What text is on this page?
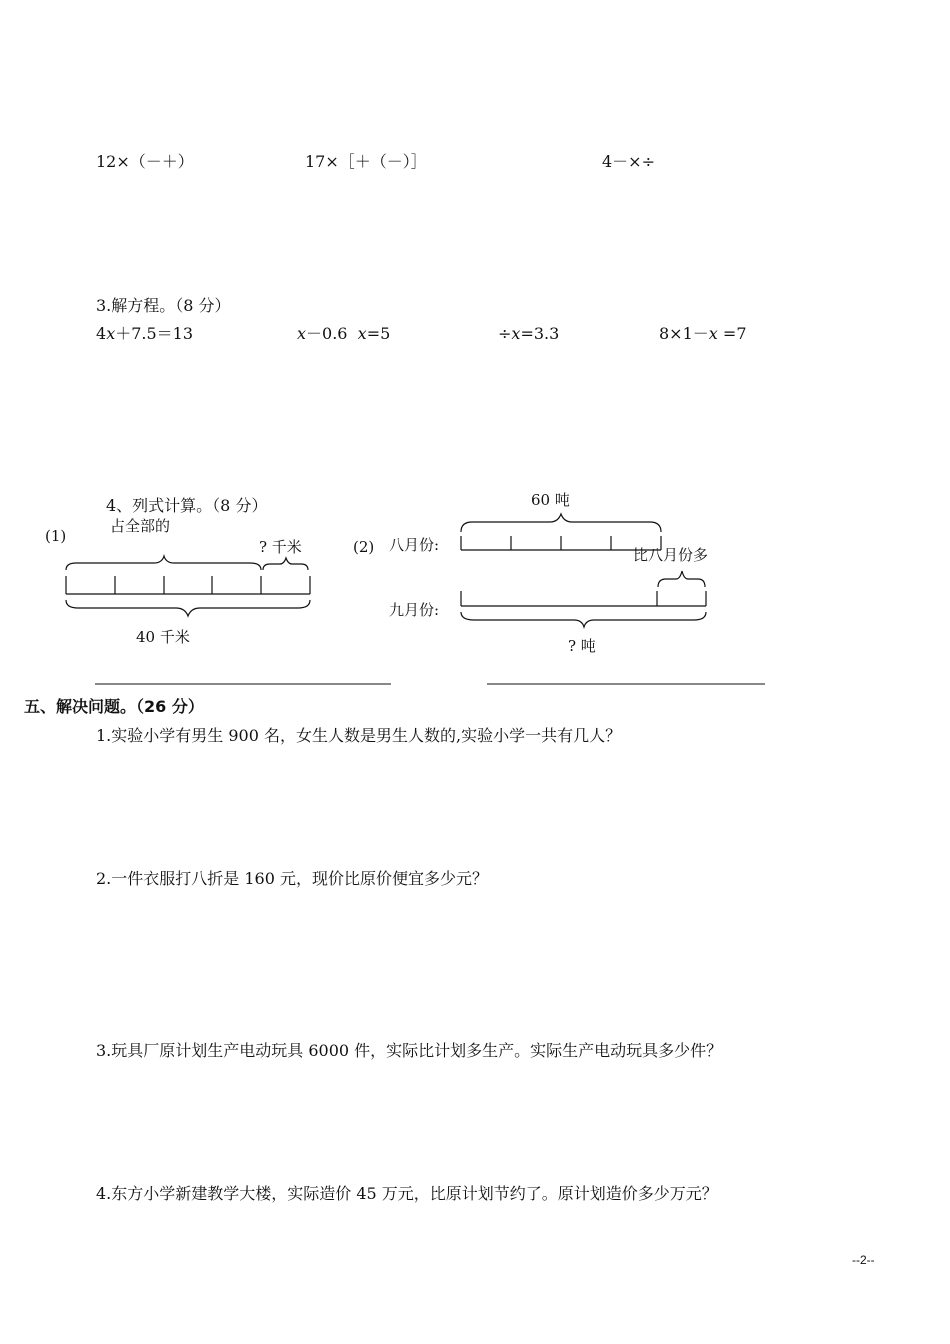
12×（－＋）	17×［＋（－）］	4－×÷
3.解方程。（8 分）
4x＋7.5＝13	x－0.6 x=5	÷x=3.3	8×1－x =7
4、列式计算。（8 分）
(1)
占全部的
? 千米
40 千米
(2)
60 吨
八月份:
比八月份多
九月份:
? 吨
五、解决问题。（26 分）
1.实验小学有男生 900 名，女生人数是男生人数的,实验小学一共有几人？
2.一件衣服打八折是 160 元，现价比原价便宜多少元？
3.玩具厂原计划生产电动玩具 6000 件，实际比计划多生产。实际生产电动玩具多少件？
4.东方小学新建教学大楼，实际造价 45 万元，比原计划节约了。原计划造价多少万元？
--2--
